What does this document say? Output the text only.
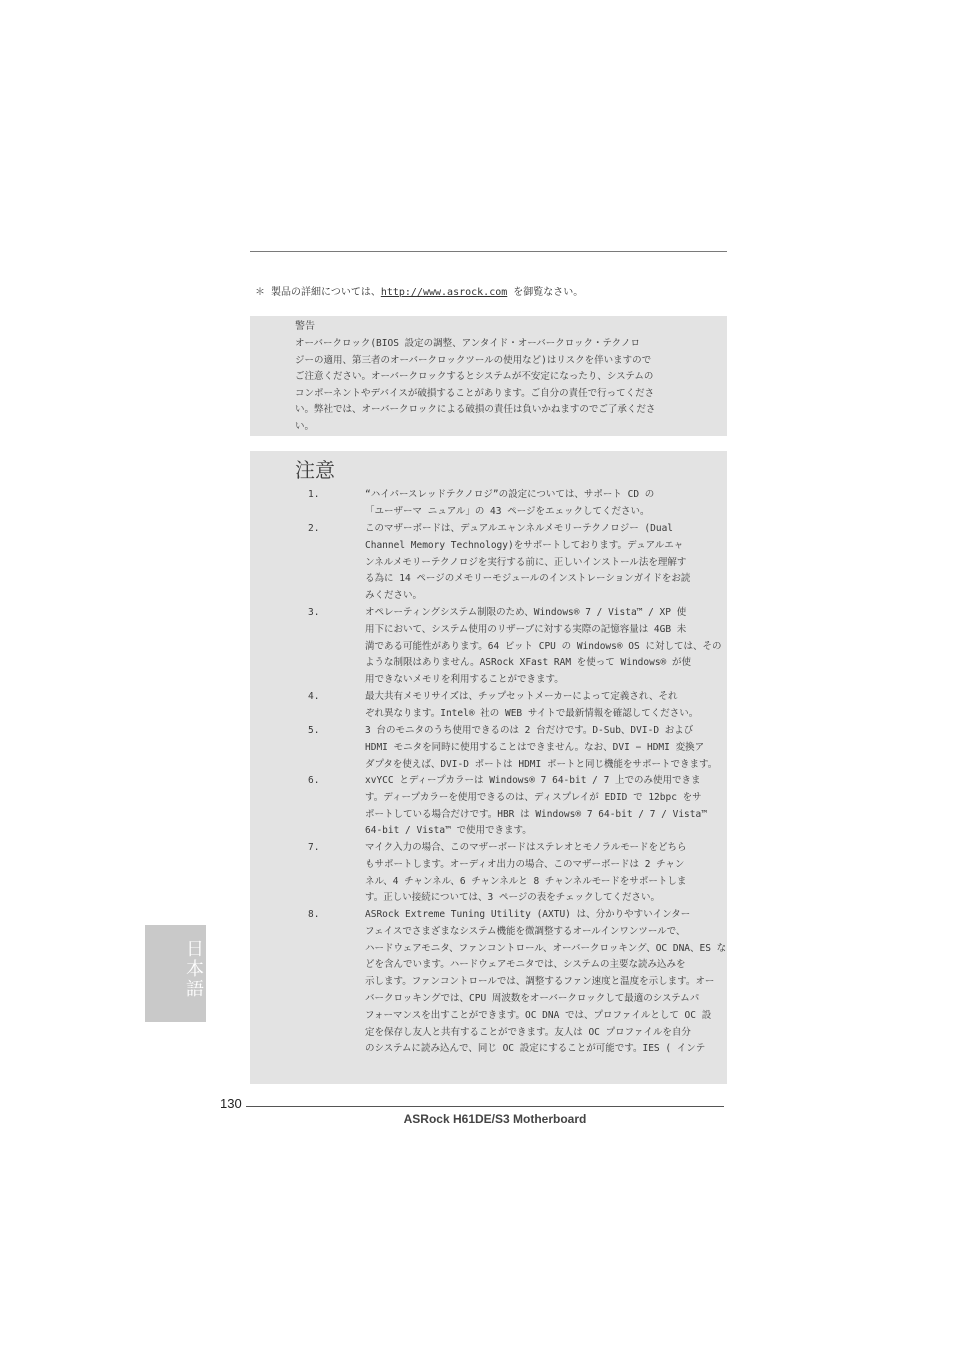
＊ 製品の詳細については、http://www.asrock.com を御覧なさい。
警告
オーバークロック(BIOS 設定の調整、アンタイド・オーバークロック・テクノロ
ジーの適用、第三者のオーバークロックツールの使用など)はリスクを伴いますので
ご注意ください。オーバークロックするとシステムが不安定になったり、システムの
コンポーネントやデバイスが破損することがあります。ご自分の責任で行ってくださ
い。弊社では、オーバークロックによる破損の責任は負いかねますのでご了承くださ
い。
注意
1.	“ハイパースレッドテクノロジ”の設定については、サポート CD の
「ユーザーマ ニュアル」の 43 ページをエェックしてください。
2.	このマザーボードは、デュアルエャンネルメモリーテクノロジー (Dual
Channel Memory Technology)をサポートしております。デュアルエャ
ンネルメモリーテクノロジを実行する前に、正しいインストール法を理解す
る為に 14 ページのメモリーモジュールのインストレーションガイドをお読
みください。
3.	オペレーティングシステム制限のため、Windows® 7 / Vista™ / XP 使
用下において、システム使用のリザーブに対する実際の記憶容量は 4GB 未
満である可能性があります。64 ビット CPU の Windows® OS に対しては、その
ような制限はありません。ASRock XFast RAM を使って Windows® が使
用できないメモリを利用することができます。
4.	最大共有メモリサイズは、チップセットメーカーによって定義され、それ
ぞれ異なります。Intel® 社の WEB サイトで最新情報を確認してください。
5.	3 台のモニタのうち使用できるのは 2 台だけです。D-Sub、DVI-D および
HDMI モニタを同時に使用することはできません。なお、DVI − HDMI 変換ア
ダプタを使えば、DVI-D ポートは HDMI ポートと同じ機能をサポートできます。
6.	xvYCC とディープカラーは Windows® 7 64-bit / 7 上でのみ使用できま
す。ディープカラーを使用できるのは、ディスプレイが EDID で 12bpc をサ
ポートしている場合だけです。HBR は Windows® 7 64-bit / 7 / Vista™
64-bit / Vista™ で使用できます。
7.	マイク入力の場合、このマザーボードはステレオとモノラルモードをどちら
もサポートします。オーディオ出力の場合、このマザーボードは 2 チャン
ネル、4 チャンネル、6 チャンネルと 8 チャンネルモードをサポートしま
す。正しい接続については、3 ページの表をチェックしてください。
8.	ASRock Extreme Tuning Utility (AXTU) は、分かりやすいインター
フェイスでさまざまなシステム機能を微調整するオールインワンツールで、
ハードウェアモニタ、ファンコントロール、オーバークロッキング、OC DNA、ES な
どを含んでいます。ハードウェアモニタでは、システムの主要な読み込みを
示します。ファンコントロールでは、調整するファン速度と温度を示します。オー
バークロッキングでは、CPU 周波数をオーバークロックして最適のシステムパ
フォーマンスを出すことができます。OC DNA では、プロファイルとして OC 設
定を保存し友人と共有することができます。友人は OC プロファイルを自分
のシステムに読み込んで、同じ OC 設定にすることが可能です。IES ( インテ
日本語
130
ASRock H61DE/S3 Motherboard
